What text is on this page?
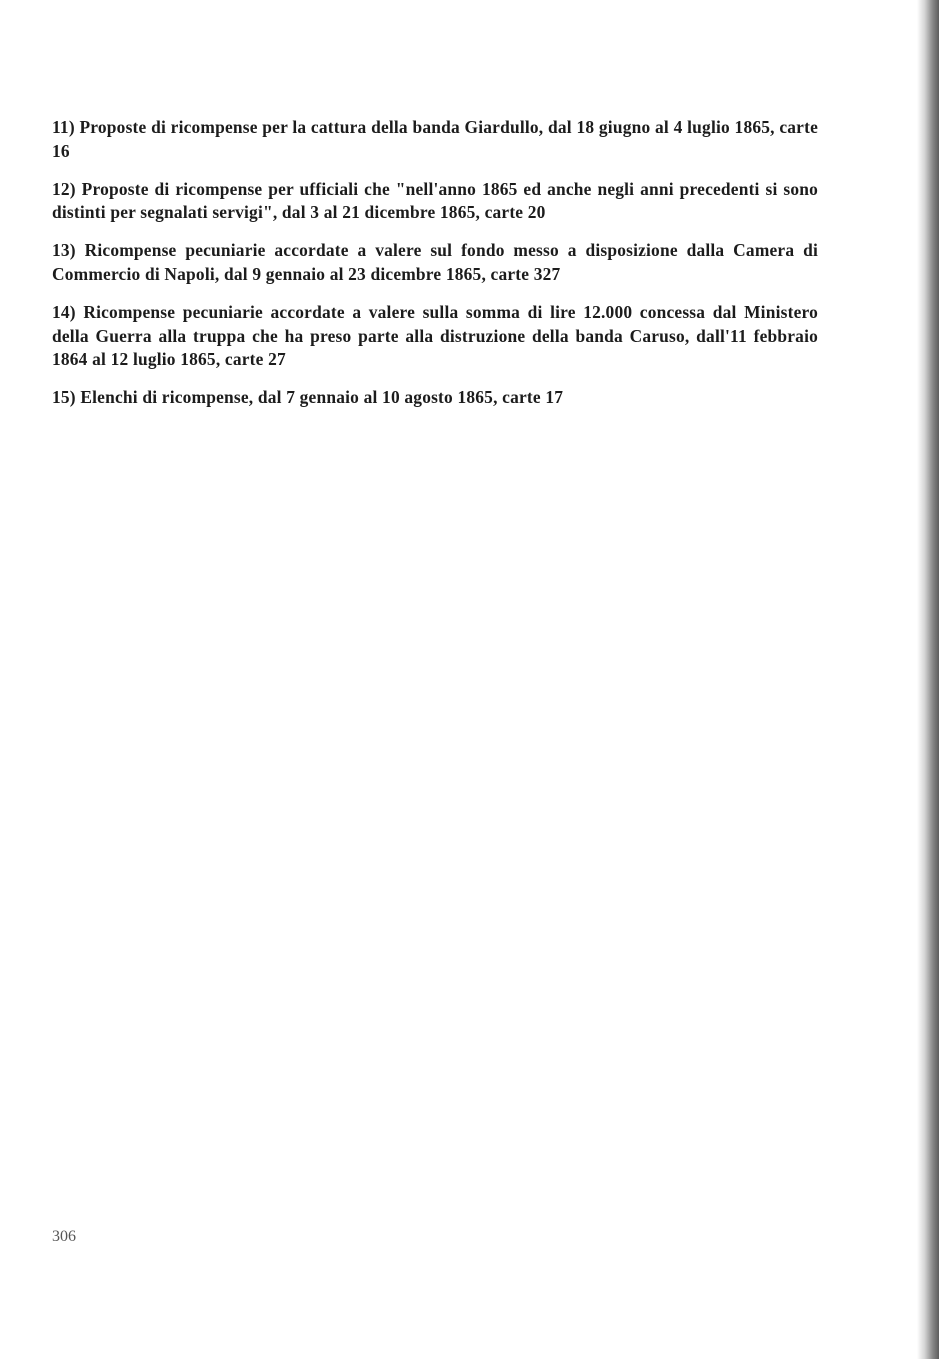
11) Proposte di ricompense per la cattura della banda Giardullo, dal 18 giugno al 4 luglio 1865, carte 16

12) Proposte di ricompense per ufficiali che "nell'anno 1865 ed anche negli anni precedenti si sono distinti per segnalati servigi", dal 3 al 21 dicembre 1865, carte 20

13) Ricompense pecuniarie accordate a valere sul fondo messo a disposizione dalla Camera di Commercio di Napoli, dal 9 gennaio al 23 dicembre 1865, carte 327

14) Ricompense pecuniarie accordate a valere sulla somma di lire 12.000 concessa dal Ministero della Guerra alla truppa che ha preso parte alla distruzione della banda Caruso, dall'11 febbraio 1864 al 12 luglio 1865, carte 27

15) Elenchi di ricompense, dal 7 gennaio al 10 agosto 1865, carte 17

306
